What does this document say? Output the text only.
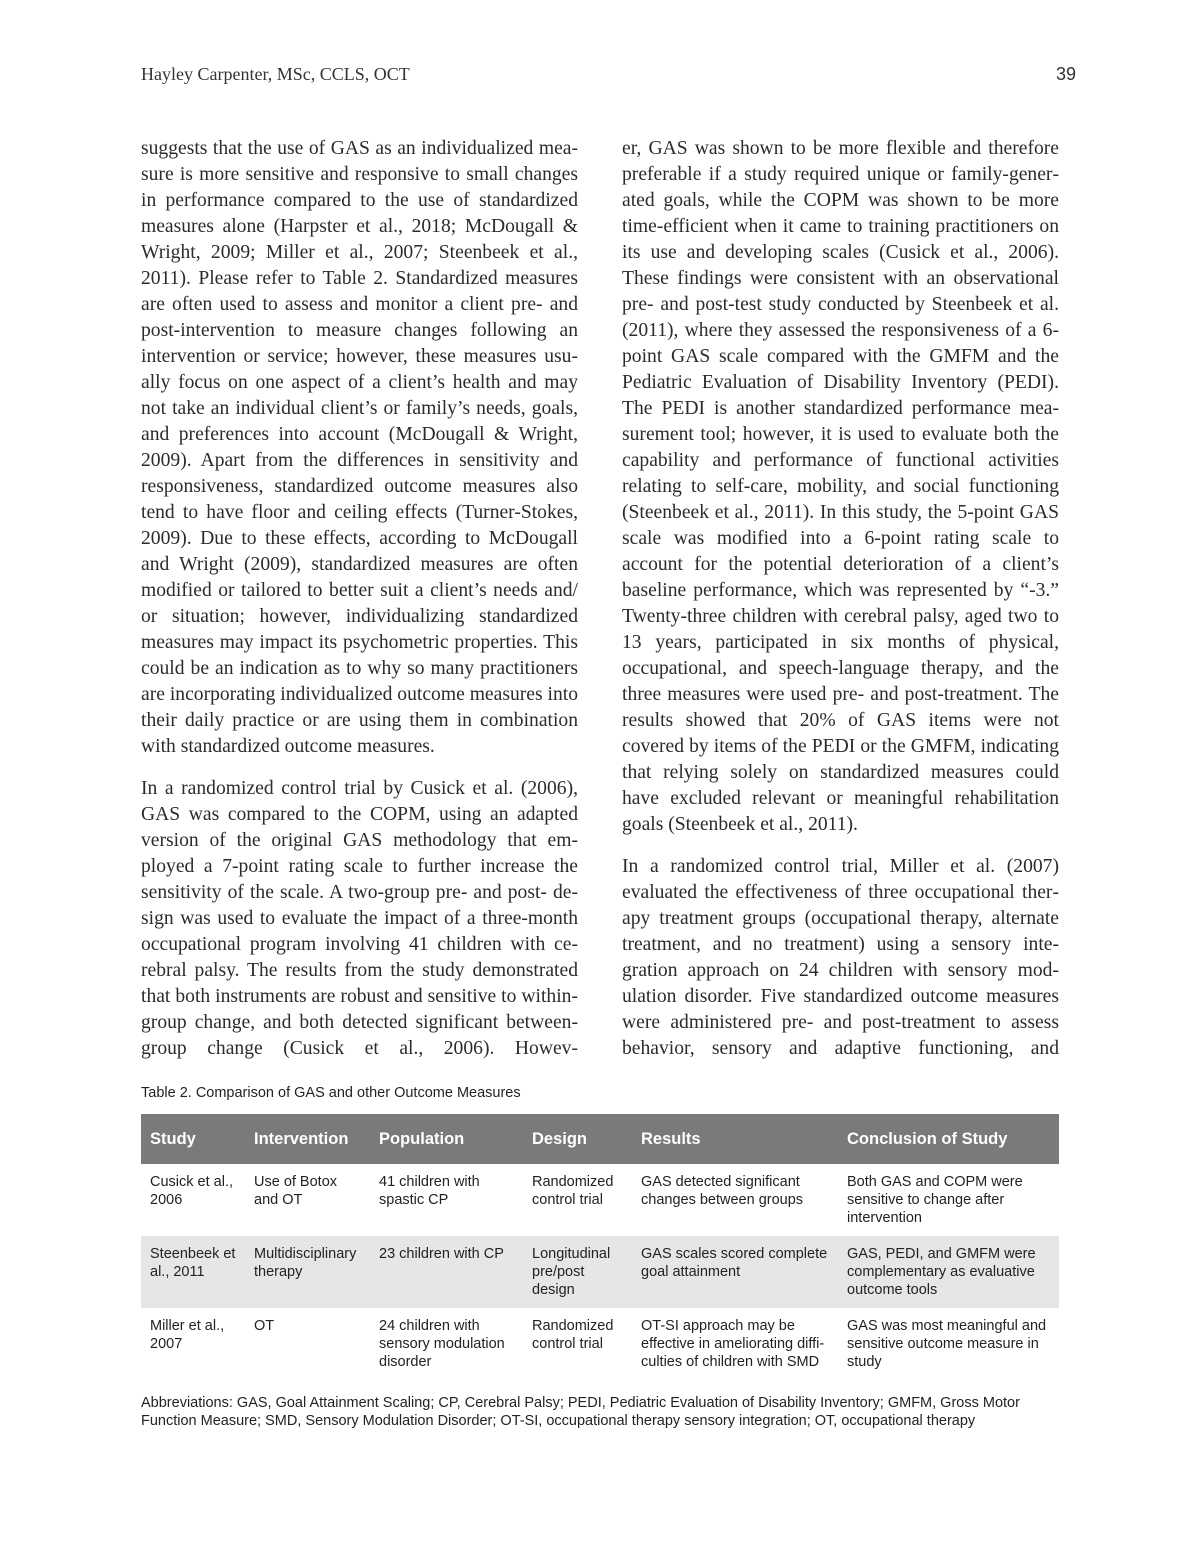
Hayley Carpenter, MSc, CCLS, OCT	39

suggests that the use of GAS as an individualized measure is more sensitive and responsive to small changes in performance compared to the use of standardized measures alone (Harpster et al., 2018; McDougall & Wright, 2009; Miller et al., 2007; Steenbeek et al., 2011). Please refer to Table 2. Standardized measures are often used to assess and monitor a client pre- and post-intervention to measure changes following an intervention or service; however, these measures usually focus on one aspect of a client’s health and may not take an individual client’s or family’s needs, goals, and preferences into account (McDougall & Wright, 2009). Apart from the differences in sensitivity and responsiveness, standardized outcome measures also tend to have floor and ceiling effects (Turner-Stokes, 2009). Due to these effects, according to McDougall and Wright (2009), standardized measures are often modified or tailored to better suit a client’s needs and/ or situation; however, individualizing standardized measures may impact its psychometric properties. This could be an indication as to why so many practitioners are incorporating individualized outcome measures into their daily practice or are using them in combination with standardized outcome measures.

In a randomized control trial by Cusick et al. (2006), GAS was compared to the COPM, using an adapted version of the original GAS methodology that employed a 7-point rating scale to further increase the sensitivity of the scale. A two-group pre- and post- design was used to evaluate the impact of a three-month occupational program involving 41 children with cerebral palsy. The results from the study demonstrated that both instruments are robust and sensitive to within-group change, and both detected significant between-group change (Cusick et al., 2006). Howev-

er, GAS was shown to be more flexible and therefore preferable if a study required unique or family-generated goals, while the COPM was shown to be more time-efficient when it came to training practitioners on its use and developing scales (Cusick et al., 2006). These findings were consistent with an observational pre- and post-test study conducted by Steenbeek et al. (2011), where they assessed the responsiveness of a 6-point GAS scale compared with the GMFM and the Pediatric Evaluation of Disability Inventory (PEDI). The PEDI is another standardized performance measurement tool; however, it is used to evaluate both the capability and performance of functional activities relating to self-care, mobility, and social functioning (Steenbeek et al., 2011). In this study, the 5-point GAS scale was modified into a 6-point rating scale to account for the potential deterioration of a client’s baseline performance, which was represented by “-3.” Twenty-three children with cerebral palsy, aged two to 13 years, participated in six months of physical, occupational, and speech-language therapy, and the three measures were used pre- and post-treatment. The results showed that 20% of GAS items were not covered by items of the PEDI or the GMFM, indicating that relying solely on standardized measures could have excluded relevant or meaningful rehabilitation goals (Steenbeek et al., 2011).

In a randomized control trial, Miller et al. (2007) evaluated the effectiveness of three occupational therapy treatment groups (occupational therapy, alternate treatment, and no treatment) using a sensory integration approach on 24 children with sensory modulation disorder. Five standardized outcome measures were administered pre- and post-treatment to assess behavior, sensory and adaptive functioning, and

Table 2. Comparison of GAS and other Outcome Measures
Study	Intervention	Population	Design	Results	Conclusion of Study
Cusick et al., 2006	Use of Botox and OT	41 children with spastic CP	Randomized control trial	GAS detected significant changes between groups	Both GAS and COPM were sensitive to change after intervention
Steenbeek et al., 2011	Multidisciplinary therapy	23 children with CP	Longitudinal pre/post design	GAS scales scored complete goal attainment	GAS, PEDI, and GMFM were complementary as evaluative outcome tools
Miller et al., 2007	OT	24 children with sensory modulation disorder	Randomized control trial	OT-SI approach may be effective in ameliorating difficulties of children with SMD	GAS was most meaningful and sensitive outcome measure in study
Abbreviations: GAS, Goal Attainment Scaling; CP, Cerebral Palsy; PEDI, Pediatric Evaluation of Disability Inventory; GMFM, Gross Motor Function Measure; SMD, Sensory Modulation Disorder; OT-SI, occupational therapy sensory integration; OT, occupational therapy
